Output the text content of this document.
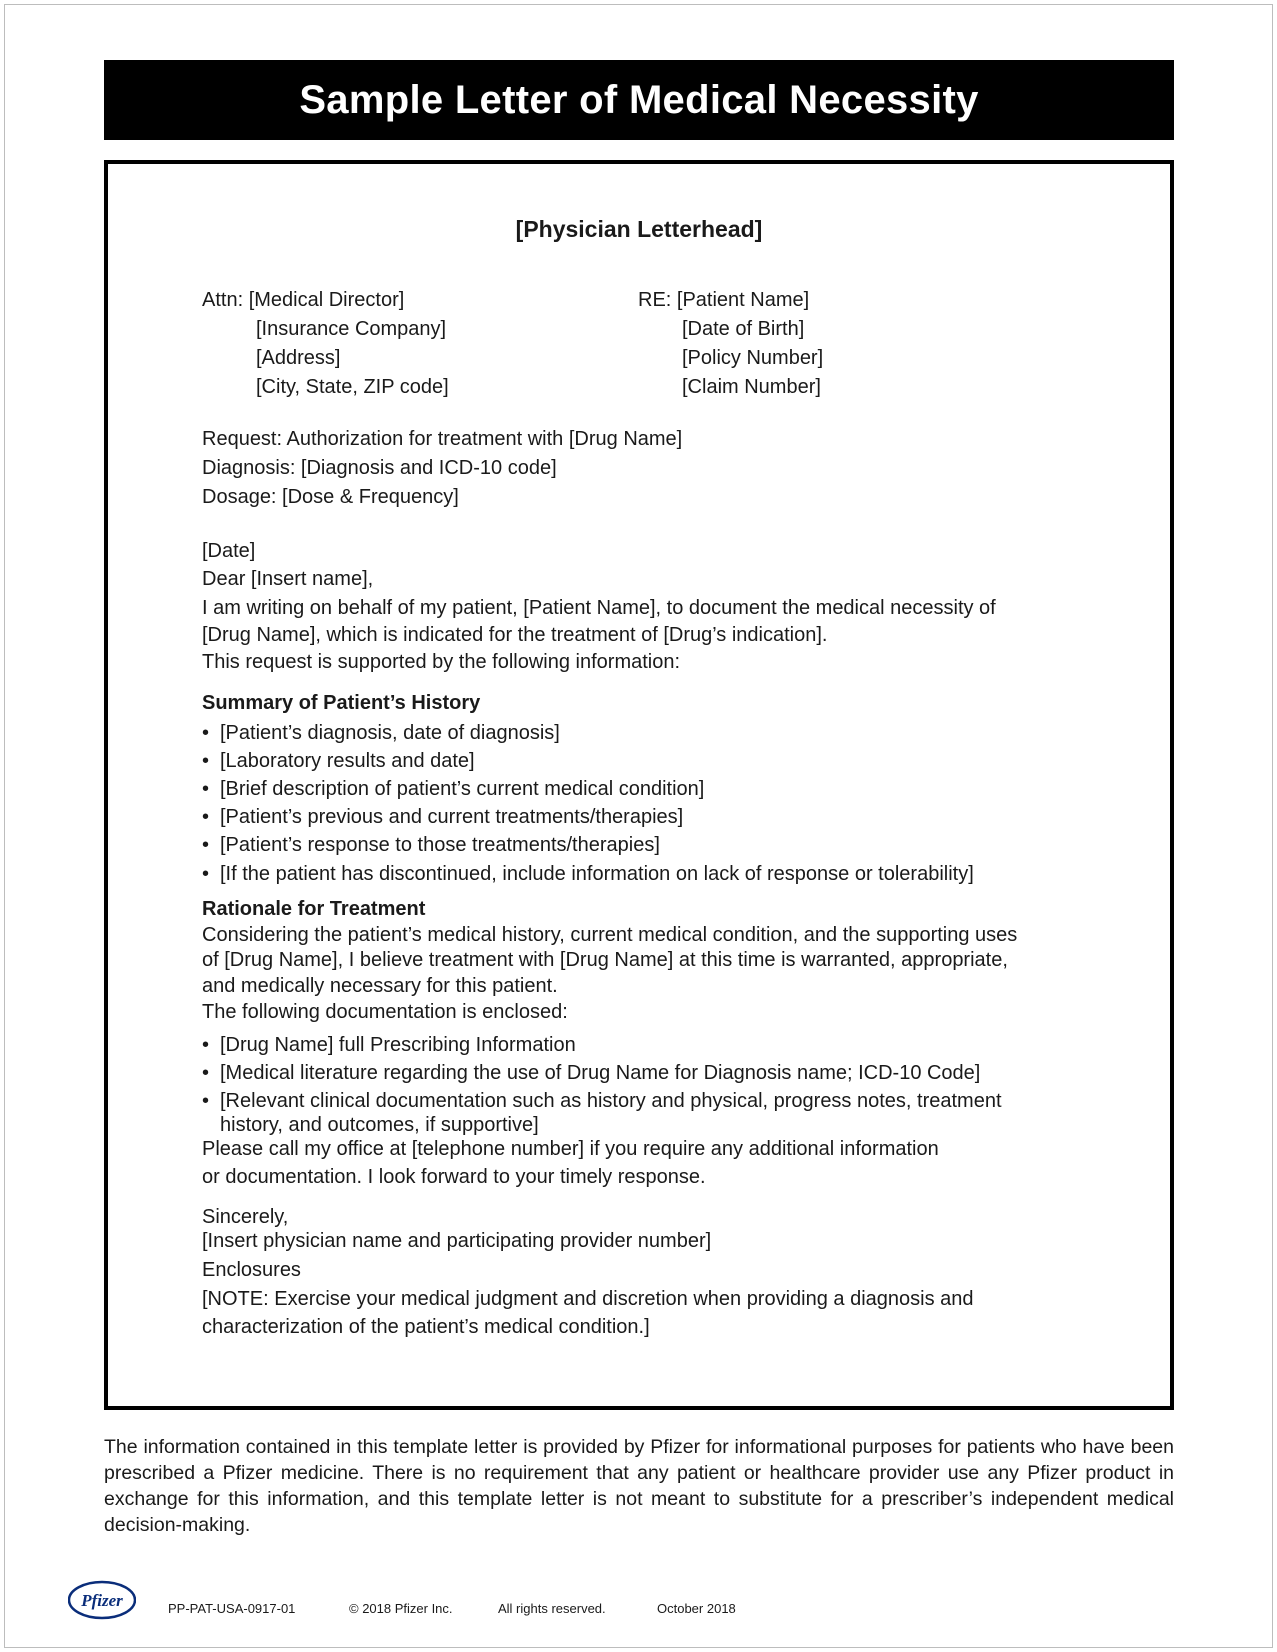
Sample Letter of Medical Necessity
[Physician Letterhead]
Attn: [Medical Director]
[Insurance Company]
[Address]
[City, State, ZIP code]
RE: [Patient Name]
[Date of Birth]
[Policy Number]
[Claim Number]
Request: Authorization for treatment with [Drug Name]
Diagnosis: [Diagnosis and ICD-10 code]
Dosage: [Dose & Frequency]
[Date]
Dear [Insert name],
I am writing on behalf of my patient, [Patient Name], to document the medical necessity of
[Drug Name], which is indicated for the treatment of [Drug’s indication].
This request is supported by the following information:
Summary of Patient’s History
• [Patient’s diagnosis, date of diagnosis]
• [Laboratory results and date]
• [Brief description of patient’s current medical condition]
• [Patient’s previous and current treatments/therapies]
• [Patient’s response to those treatments/therapies]
• [If the patient has discontinued, include information on lack of response or tolerability]
Rationale for Treatment
Considering the patient’s medical history, current medical condition, and the supporting uses
of [Drug Name], I believe treatment with [Drug Name] at this time is warranted, appropriate,
and medically necessary for this patient.
The following documentation is enclosed:
• [Drug Name] full Prescribing Information
• [Medical literature regarding the use of Drug Name for Diagnosis name; ICD-10 Code]
• [Relevant clinical documentation such as history and physical, progress notes, treatment
history, and outcomes, if supportive]
Please call my office at [telephone number] if you require any additional information
or documentation. I look forward to your timely response.
Sincerely,
[Insert physician name and participating provider number]
Enclosures
[NOTE: Exercise your medical judgment and discretion when providing a diagnosis and
characterization of the patient’s medical condition.]
The information contained in this template letter is provided by Pfizer for informational purposes for patients who have been prescribed a Pfizer medicine. There is no requirement that any patient or healthcare provider use any Pfizer product in exchange for this information, and this template letter is not meant to substitute for a prescriber’s independent medical decision-making.
Pfizer	PP-PAT-USA-0917-01	© 2018 Pfizer Inc.	All rights reserved.	October 2018
